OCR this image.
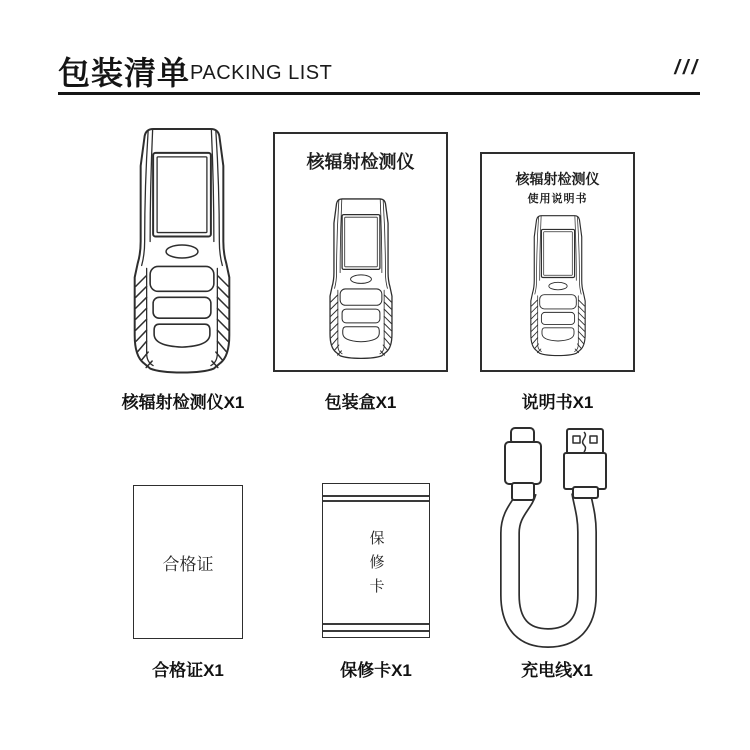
包装清单 PACKING LIST	///
核辐射检测仪X1
核辐射检测仪
包装盒X1
核辐射检测仪
使用说明书
说明书X1
合格证
合格证X1
保修卡
保修卡X1	充电线X1
